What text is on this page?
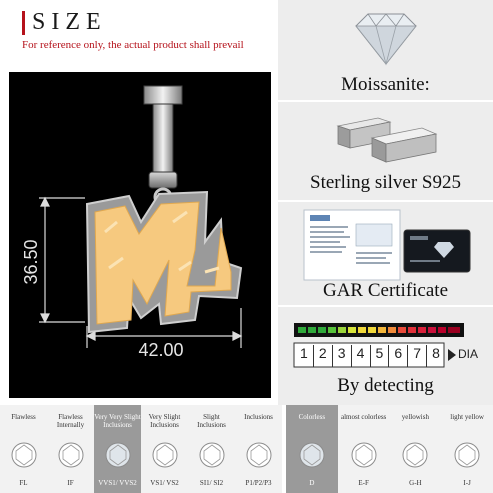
SIZE
For reference only, the actual product shall prevail
36.50
42.00
Moissanite:
Sterling silver S925
GAR Certificate
1 2 3 4 5 6 7 8	DIA
By detecting
Flawless
FL
Flawless Internally
IF
Very Very Slight Inclusions
VVS1/ VVS2
Very Slight Inclusions
VS1/ VS2
Slight Inclusions
SI1/ SI2
Inclusions
P1/P2/P3
Colorless
D
almost colorless
E-F
yellowish
G-H
light yellow
I-J
